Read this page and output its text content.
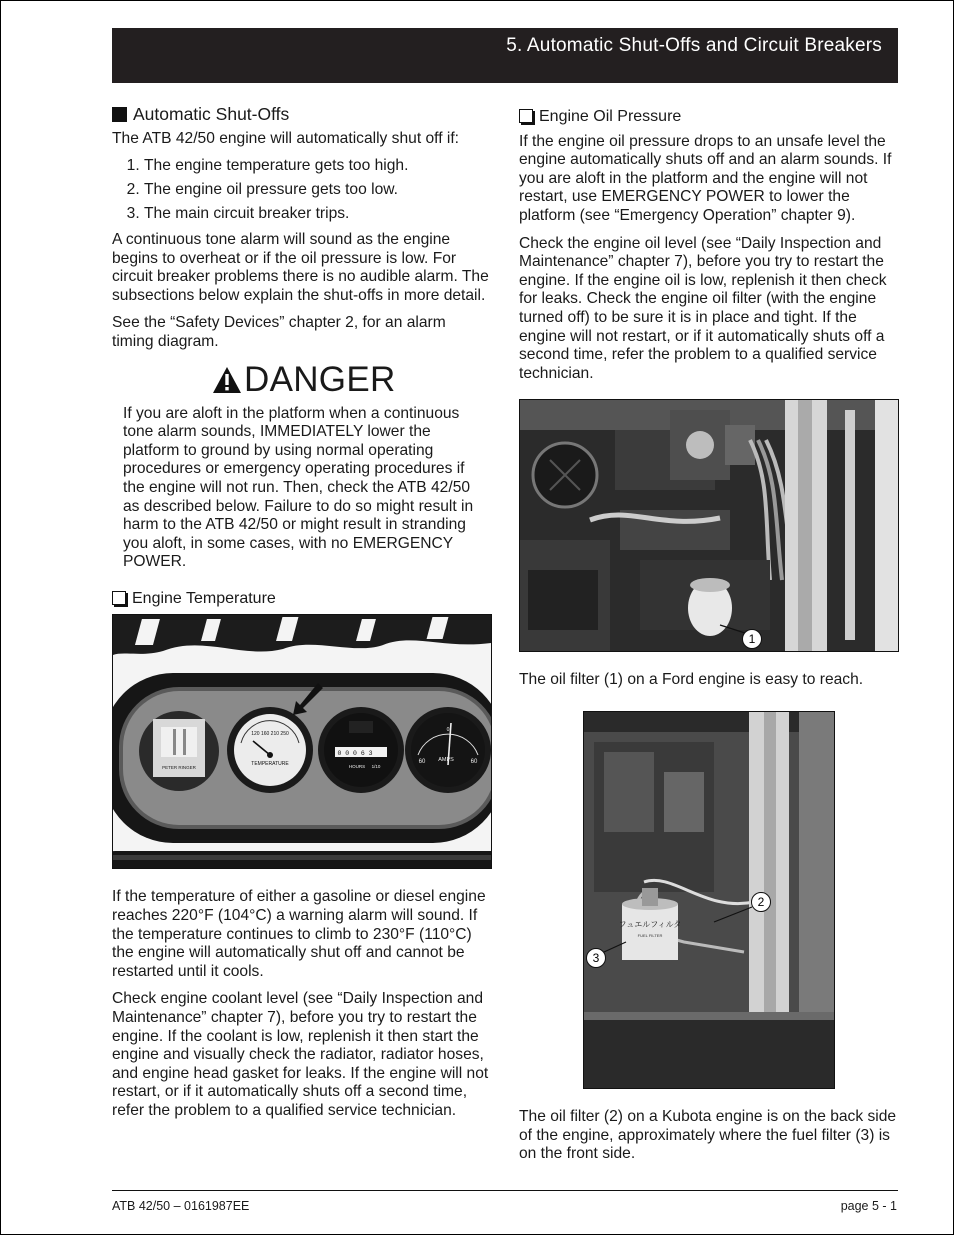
5. Automatic Shut-Offs and Circuit Breakers
Automatic Shut-Offs

The ATB 42/50 engine will automatically shut off if:

1. The engine temperature gets too high.
2. The engine oil pressure gets too low.
3. The main circuit breaker trips.

A continuous tone alarm will sound as the engine begins to overheat or if the oil pressure is low. For circuit breaker problems there is no audible alarm. The subsections below explain the shut-offs in more detail.

See the “Safety Devices” chapter 2, for an alarm timing diagram.

DANGER
If you are aloft in the platform when a continuous tone alarm sounds, IMMEDIATELY lower the platform to ground by using normal operating procedures or emergency operating procedures if the engine will not run. Then, check the ATB 42/50 as described below. Failure to do so might result in harm to the ATB 42/50 or might result in stranding you aloft, in some cases, with no EMERGENCY POWER.
Engine Temperature
PETER RINGER
120 160 210 250
TEMPERATURE
0 0 0 6 3
HOURS 1/10
60	60
0
AMPS

If the temperature of either a gasoline or diesel engine reaches 220°F (104°C) a warning alarm will sound. If the temperature continues to climb to 230°F (110°C) the engine will automatically shut off and cannot be restarted until it cools.

Check engine coolant level (see “Daily Inspection and Maintenance” chapter 7), before you try to restart the engine. If the coolant is low, replenish it then start the engine and visually check the radiator, radiator hoses, and engine head gasket for leaks. If the engine will not restart, or if it automatically shuts off a second time, refer the problem to a qualified service technician.

Engine Oil Pressure

If the engine oil pressure drops to an unsafe level the engine automatically shuts off and an alarm sounds. If you are aloft in the platform and the engine will not restart, use EMERGENCY POWER to lower the platform (see “Emergency Operation” chapter 9).

Check the engine oil level (see “Daily Inspection and Maintenance” chapter 7), before you try to restart the engine. If the engine oil is low, replenish it then check for leaks. Check the engine oil filter (with the engine turned off) to be sure it is in place and tight. If the engine will not restart, or if it automatically shuts off a second time, refer the problem to a qualified service technician.

1

The oil filter (1) on a Ford engine is easy to reach.

フュエルフィルタ
FUEL FILTER
2
3

The oil filter (2) on a Kubota engine is on the back side of the engine, approximately where the fuel filter (3) is on the front side.

ATB 42/50 – 0161987EE	page 5 - 1
